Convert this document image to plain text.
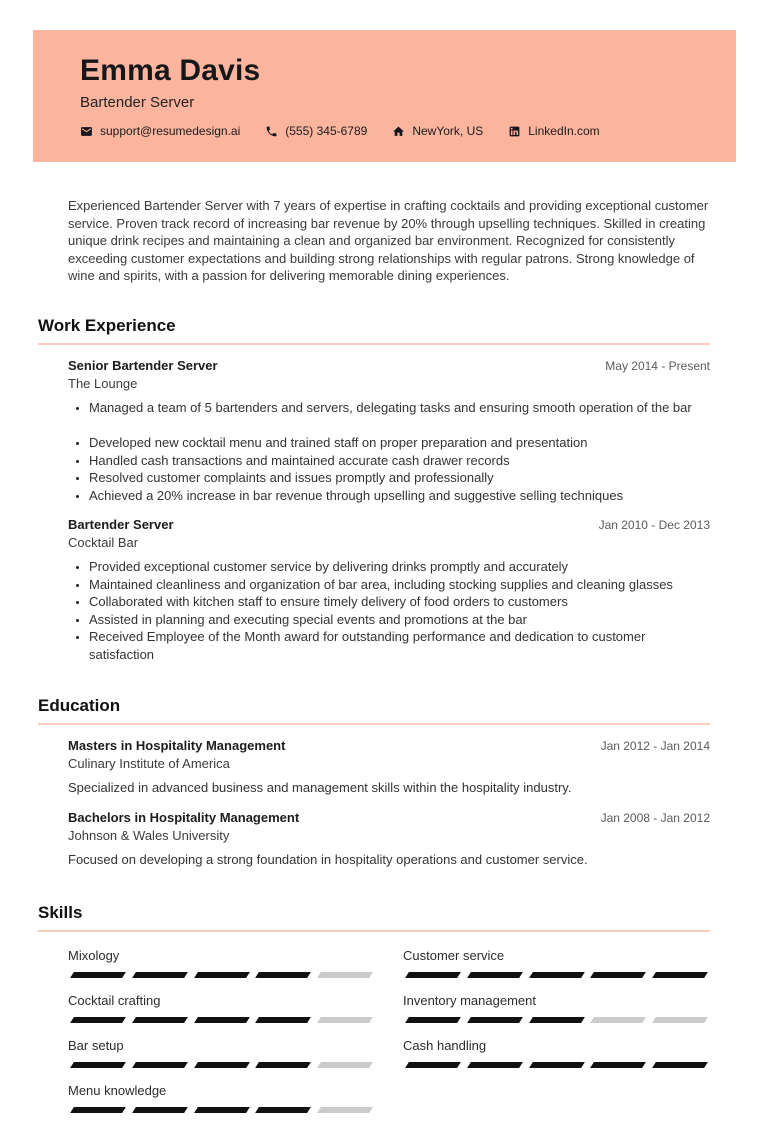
Emma Davis
Bartender Server
support@resumedesign.ai	(555) 345-6789	NewYork, US	LinkedIn.com

Experienced Bartender Server with 7 years of expertise in crafting cocktails and providing exceptional customer service. Proven track record of increasing bar revenue by 20% through upselling techniques. Skilled in creating unique drink recipes and maintaining a clean and organized bar environment. Recognized for consistently exceeding customer expectations and building strong relationships with regular patrons. Strong knowledge of wine and spirits, with a passion for delivering memorable dining experiences.

Work Experience
Senior Bartender Server	May 2014 - Present
The Lounge
• Managed a team of 5 bartenders and servers, delegating tasks and ensuring smooth operation of the bar
• Developed new cocktail menu and trained staff on proper preparation and presentation
• Handled cash transactions and maintained accurate cash drawer records
• Resolved customer complaints and issues promptly and professionally
• Achieved a 20% increase in bar revenue through upselling and suggestive selling techniques
Bartender Server	Jan 2010 - Dec 2013
Cocktail Bar
• Provided exceptional customer service by delivering drinks promptly and accurately
• Maintained cleanliness and organization of bar area, including stocking supplies and cleaning glasses
• Collaborated with kitchen staff to ensure timely delivery of food orders to customers
• Assisted in planning and executing special events and promotions at the bar
• Received Employee of the Month award for outstanding performance and dedication to customer satisfaction
Education
Masters in Hospitality Management	Jan 2012 - Jan 2014
Culinary Institute of America
Specialized in advanced business and management skills within the hospitality industry.
Bachelors in Hospitality Management	Jan 2008 - Jan 2012
Johnson & Wales University
Focused on developing a strong foundation in hospitality operations and customer service.
Skills
Mixology
Cocktail crafting
Bar setup
Menu knowledge
Customer service
Inventory management
Cash handling
